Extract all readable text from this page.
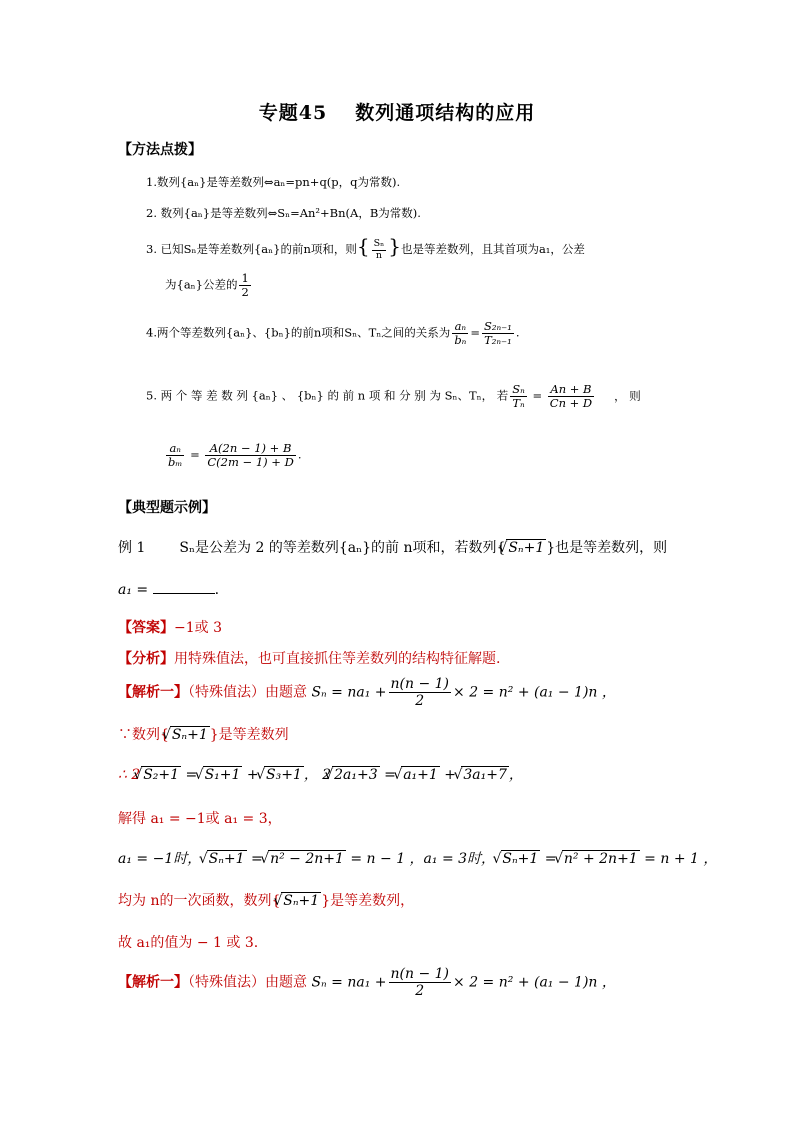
专题45 数列通项结构的应用
【方法点拨】
1.数列{aₙ}是等差数列⇔aₙ=pn+q(p，q为常数).
2. 数列{aₙ}是等差数列⇔Sₙ=An²+Bn(A，B为常数).
3. 已知Sₙ是等差数列{aₙ}的前n项和，则{ $\frac{\text{Sₙ}}{n}$ }也是等差数列，且其首项为a₁，公差
为{aₙ}公差的 $\frac{1}{2}$
4.两个等差数列{aₙ}、{bₙ}的前n项和Sₙ、Tₙ之间的关系为 $\frac{\text{aₙ}}{\text{bₙ}} = \frac{\text{S₂ₙ₋₁}}{\text{T₂ₙ₋₁}}$ .
5. 两 个 等 差 数 列 {aₙ} 、 {bₙ} 的 前 n 项 和 分 别 为 Sₙ、Tₙ， 若 $\frac{\text{Sₙ}}{\text{Tₙ}} = \frac{An + B}{Cn + D}$ ， 则
$\frac{\text{aₙ}}{\text{bₘ}} = \frac{A(2n - 1) + B}{C(2m - 1) + D}$ .
【典型题示例】
例 1 Sₙ是公差为 2 的等差数列{aₙ}的前 n项和，若数列{ √ Sₙ+1 }也是等差数列，则
a₁ =	.
【答案】−1或 3
【分析】用特殊值法，也可直接抓住等差数列的结构特征解题.
【解析一】（特殊值法）由题意 $S_n = na_1 + \frac{n(n - 1)}{2} \times 2 = n^2 + (a_1 - 1)n$ ，
∵数列{ √ Sₙ+1 }是等差数列
∴ 2 √ S₂+1 = √ S₁+1 + √ S₃+1 ， 2 √ 2a₁+3 = √ a₁+1 + √ 3a₁+7 ，
解得 a₁ = −1或 a₁ = 3，
a₁ = −1时， √ Sₙ+1 = √ n² − 2n+1 = n − 1 ，a₁ = 3时， √ Sₙ+1 = √ n² + 2n+1 = n + 1 ，
均为 n的一次函数，数列{ √ Sₙ+1 }是等差数列，
故 a₁的值为 − 1 或 3.
【解析一】（特殊值法）由题意 $S_n = na_1 + \frac{n(n - 1)}{2} \times 2 = n^2 + (a_1 - 1)n$ ，
